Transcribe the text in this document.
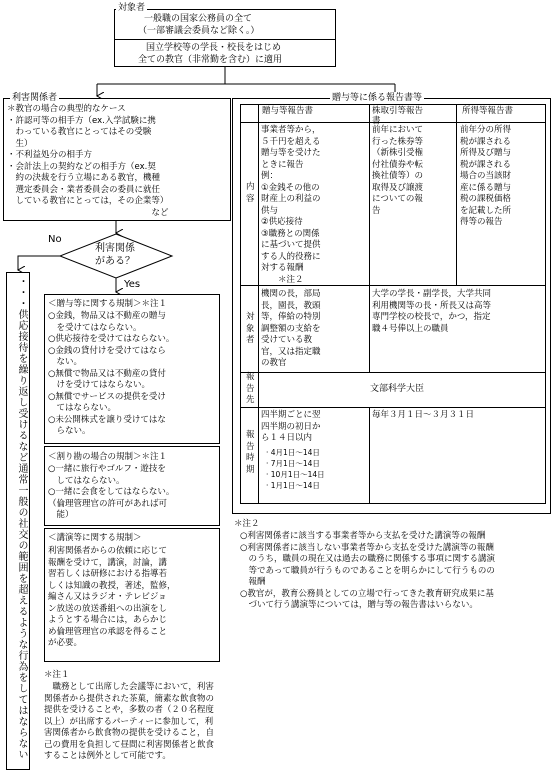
対象者
一般職の国家公務員の全て
（一部審議会委員など除く。）
国立学校等の学長・校長をはじめ
全ての教官（非常勤を含む）に適用
利害関係者
＊教官の場合の典型的なケース
・許認可等の相手方（ex.入学試験に携
　わっている教官にとってはその受験
　生）
・不利益処分の相手方
・会計法上の契約などの相手方（ex.契
　約の決裁を行う立場にある教官，機種
　選定委員会・業者委員会の委員に就任
　している教官にとっては，その企業等）
　　　　　　　　　　　　　　　　　など
利害関係
がある？
No
Yes
・・・供応接待を繰り返し受けるなど通常一般の社交の範囲を超えるような行為をしてはならない ＜贈与等に関する規制＞＊注１
○金銭，物品又は不動産の贈与
　を受けてはならない。
○供応接待を受けてはならない。
○金銭の貸付けを受けてはなら
　ない。
○無償で物品又は不動産の貸付
　けを受けてはならない。
○無償でサービスの提供を受け
　てはならない。
○未公開株式を譲り受けてはな
　らない。
＜割り勘の場合の規制＞＊注１
○一緒に旅行やゴルフ・遊技を
　してはならない。
○一緒に会食をしてはならない。
（倫理管理官の許可があれば可
　能）
＜講演等に関する規制＞
利害関係者からの依頼に応じて
報酬を受けて，講演，討論，講
習若しくは研修における指導若
しくは知識の教授，著述，監修，
編さん又はラジオ・テレビジョ
ン放送の放送番組への出演をし
ようとする場合には，あらかじ
め倫理管理官の承認を得ること
が必要。
＊注１
　職務として出席した会議等において，利害
関係者から提供された茶菓，簡素な飲食物の
提供を受けることや，多数の者（２０名程度
以上）が出席するパーティーに参加して，利
害関係者から飲食物の提供を受けること，自
己の費用を負担して昼間に利害関係者と飲食
することは例外として可能です。
贈与等に係る報告書等
贈与等報告書	株取引等報告
書
所得等報告書
内
容
対
象
者
報
告
先
報
告
時
期
事業者等から，
５千円を超える
贈与等を受けた
ときに報告
例：
①金銭その他の
財産上の利益の
供与
②供応接待
③職務との関係
に基づいて提供
する人的役務に
対する報酬
　　＊注２
前年において
行った株券等
（新株引受権
付社債券や転
換社債等）の
取得及び譲渡
についての報
告
前年分の所得
税が課される
所得及び贈与
税が課される
場合の当該財
産に係る贈与
税の課税価格
を記載した所
得等の報告
機関の長，部局
長，園長，教頭
等，俸給の特別
調整額の支給を
受けている教
官，又は指定職
の教官
大学の学長・副学長，大学共同
利用機関等の長・所長又は高等
専門学校の校長で，かつ，指定
職４号俸以上の職員
文部科学大臣
四半期ごとに翌
四半期の初日か
ら１４日以内
· 4月1日～14日
· 7月1日～14日
· 10月1日～14日
· 1月1日～14日
毎年３月１日～３月３１日
＊注２
○利害関係者に該当する事業者等から支払を受けた講演等の報酬
○利害関係者に該当しない事業者等から支払を受けた講演等の報酬
　のうち，職員の現在又は過去の職務に関係する事項に関する講演
　等であって職員が行うものであることを明らかにして行うものの
　報酬
○教官が，教育公務員としての立場で行ってきた教育研究成果に基
　づいて行う講演等については，贈与等の報告書はいらない。
